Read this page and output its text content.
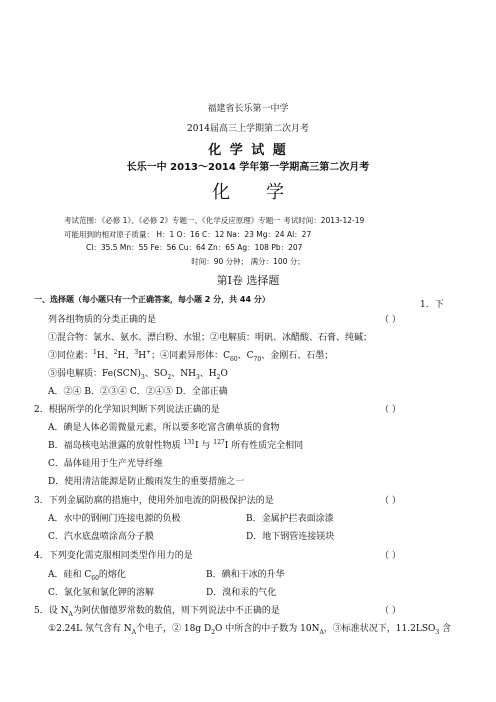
福建省长乐第一中学
2014届高三上学期第二次月考
化 学 试 题
长乐一中 2013～2014 学年第一学期高三第二次月考
化　　学
考试范围：《必修 1》、《必修 2》专题一、《化学反应原理》专题一 考试时间：2013-12-19
可能用到的相对原子质量： H：1 O：16 C：12 Na：23 Mg：24 Al：27
Cl：35.5 Mn：55 Fe：56 Cu：64 Zn：65 Ag：108 Pb：207
时间：90 分钟； 满分：100 分；
第Ⅰ卷 选择题
一、选择题（每小题只有一个正确答案，每小题 2 分，共 44 分）
1．下
列各组物质的分类正确的是	（ ）
①混合物：氯水、氨水、漂白粉、水银；②电解质：明矾、冰醋酸、石膏、纯碱；
③同位素：$^1$H、$^2$H、$^3$H+；④同素异形体：$C_{60}$、$C_{70}$、金刚石、石墨；
⑤弱电解质：$Fe(SCN)_3$、$SO_2$、$NH_3$、$H_2O$
A．②④ B．②③④ C．②④⑤ D．全部正确
2．根据所学的化学知识判断下列说法正确的是	（ ）
A．碘是人体必需微量元素，所以要多吃富含碘单质的食物
B．福岛核电站泄露的放射性物质 $^{131}$I 与 $^{127}$I 所有性质完全相同
C．晶体硅用于生产光导纤维
D．使用清洁能源是防止酸雨发生的重要措施之一
3．下列金属防腐的措施中，使用外加电流的阴极保护法的是	（ ）
A．水中的钢闸门连接电源的负极	B．金属护拦表面涂漆
C．汽水底盘喷涂高分子膜	D．地下钢管连接镁块
4．下列变化需克服相同类型作用力的是	（ ）
A．硅和 $C_{60}$的熔化	B．碘和干冰的升华
C．氯化氢和氯化钾的溶解	D．溴和汞的气化
5．设 $N_A$为阿伏伽德罗常数的数值，则下列说法中不正确的是	（ ）
①2.24L 氖气含有 $N_A$个电子，② 18g $D_2O$ 中所含的中子数为 $10N_A$，③标准状况下，$11.2LSO_3$ 含
